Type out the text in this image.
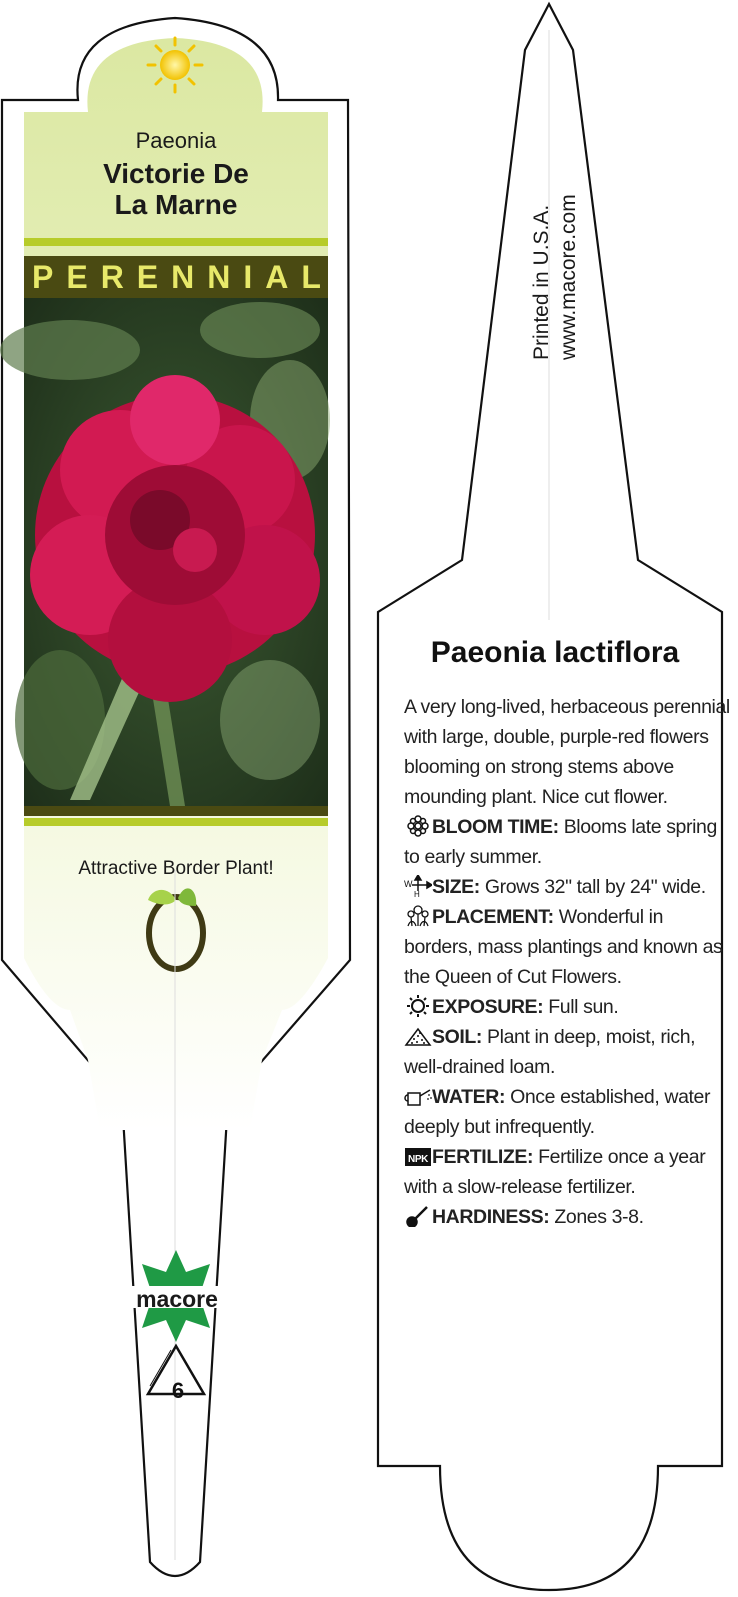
Paeonia
Victorie De
La Marne
PERENNIAL
Attractive Border Plant!
macore
6
Printed in U.S.A. www.macore.com
Paeonia lactiflora

A very long-lived, herbaceous perennial with large, double, purple-red flowers blooming on strong stems above mounding plant. Nice cut flower.

BLOOM TIME: Blooms late spring to early summer.

W
H SIZE: Grows 32" tall by 24" wide.

PLACEMENT: Wonderful in borders, mass plantings and known as the Queen of Cut Flowers.

EXPOSURE: Full sun.

SOIL: Plant in deep, moist, rich, well-drained loam.

WATER: Once established, water deeply but infrequently.

NPK FERTILIZE: Fertilize once a year with a slow-release fertilizer.

HARDINESS: Zones 3-8.
